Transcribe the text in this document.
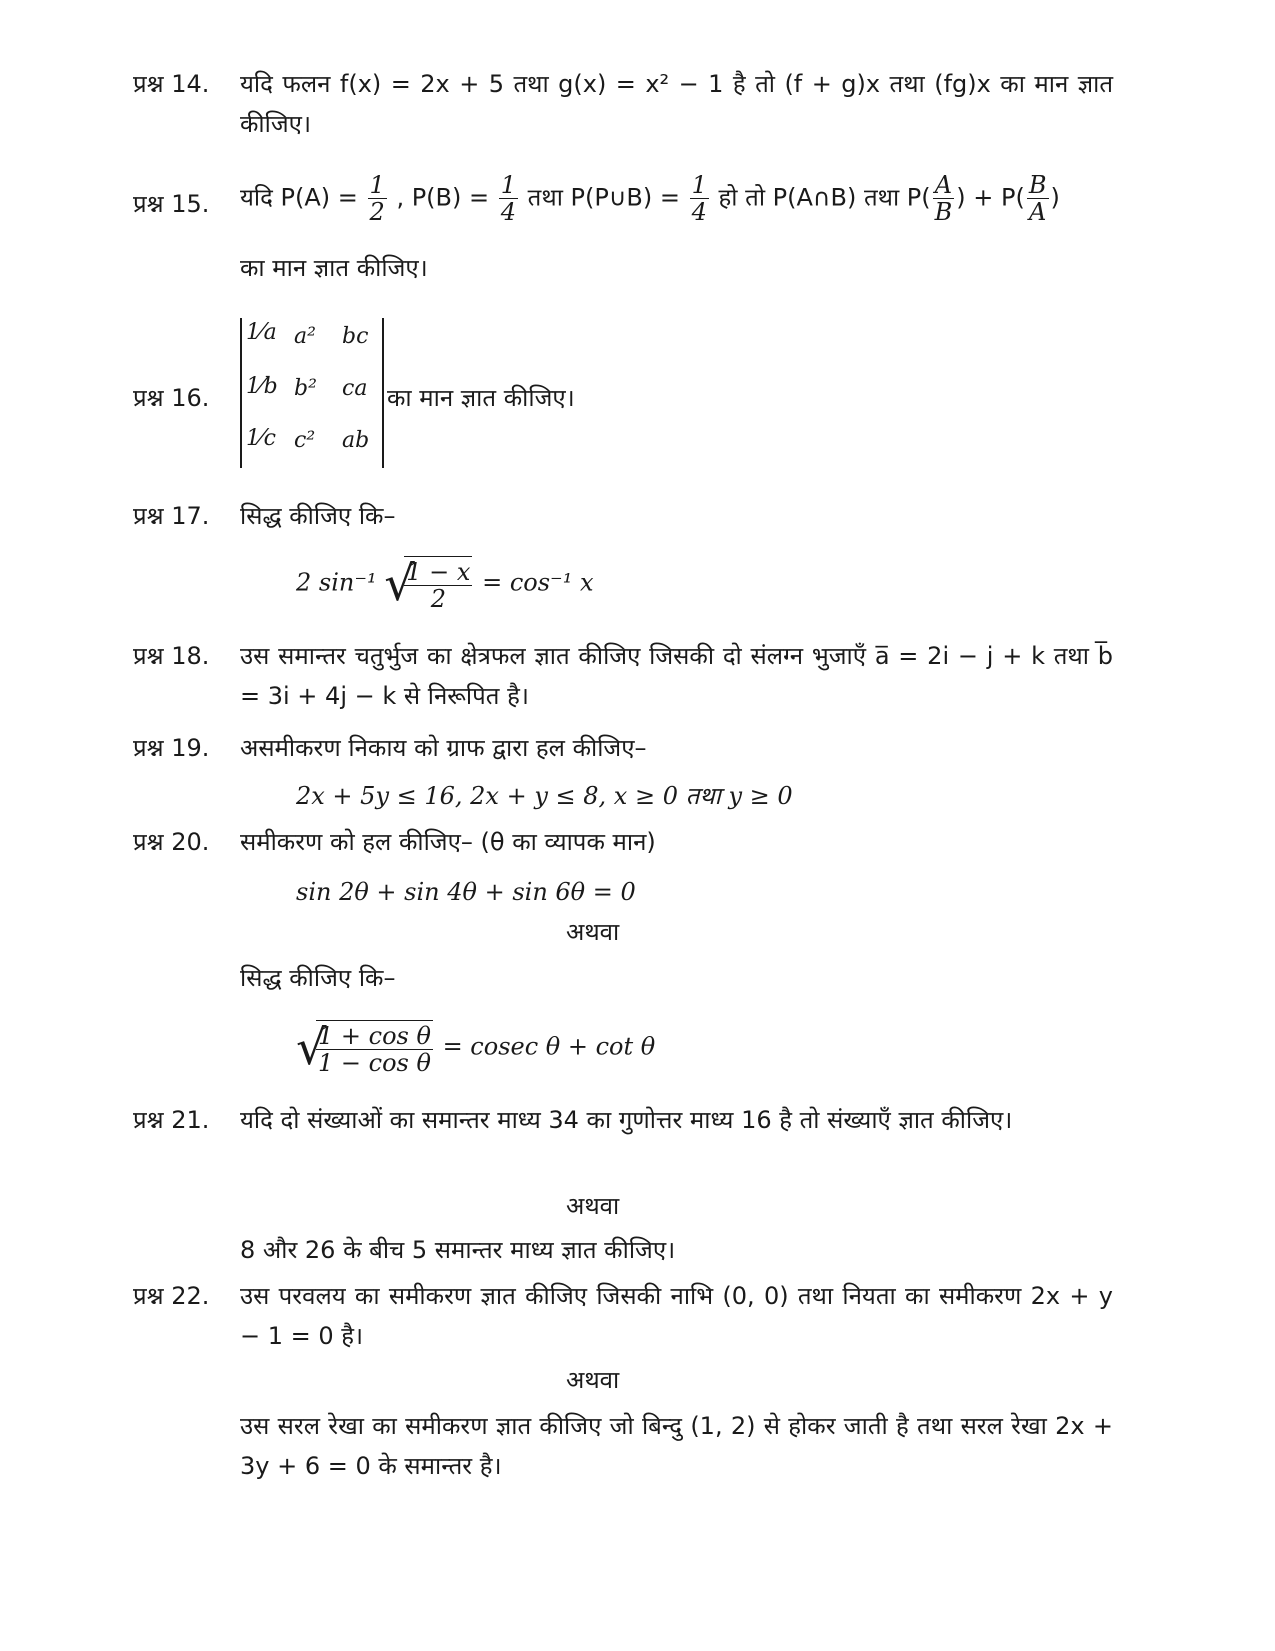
प्रश्न 14. यदि फलन f(x) = 2x + 5 तथा g(x) = x² − 1 है तो (f + g)x तथा (fg)x का मान ज्ञात कीजिए।
प्रश्न 15. यदि $P(A) = \frac{1}{2}$ , $P(B) = \frac{1}{4}$ तथा P(P∪B) = $\frac{1}{4}$ हो तो P(A∩B) तथा $P( \frac{A}{B}$ ) + $P( \frac{B}{A}$ )
का मान ज्ञात कीजिए।
प्रश्न 16.	का मान ज्ञात कीजिए।
1⁄a a² bc
1⁄b b² ca
1⁄c c² ab
प्रश्न 17. सिद्ध कीजिए कि–
2 sin⁻¹
√ $\frac{1 - x}{2} = \cos^{-1}$ x
प्रश्न 18. उस समान्तर चतुर्भुज का क्षेत्रफल ज्ञात कीजिए जिसकी दो संलग्न भुजाएँ a̅ = 2i − j + k तथा b̅ = 3i + 4j − k से निरूपित है।
प्रश्न 19. असमीकरण निकाय को ग्राफ द्वारा हल कीजिए–
2x + 5y ≤ 16, 2x + y ≤ 8, x ≥ 0 तथा y ≥ 0
प्रश्न 20. समीकरण को हल कीजिए– (θ का व्यापक मान)
sin 2θ + sin 4θ + sin 6θ = 0
अथवा
सिद्ध कीजिए कि–
√ $\frac{\text{1 + cos θ}}{\text{1 − cos θ}} = cosec$ θ + cot θ
प्रश्न 21. यदि दो संख्याओं का समान्तर माध्य 34 का गुणोत्तर माध्य 16 है तो संख्याएँ ज्ञात कीजिए।
अथवा
8 और 26 के बीच 5 समान्तर माध्य ज्ञात कीजिए।
प्रश्न 22. उस परवलय का समीकरण ज्ञात कीजिए जिसकी नाभि (0, 0) तथा नियता का समीकरण 2x + y − 1 = 0 है।
अथवा
उस सरल रेखा का समीकरण ज्ञात कीजिए जो बिन्दु (1, 2) से होकर जाती है तथा सरल रेखा 2x + 3y + 6 = 0 के समान्तर है।
